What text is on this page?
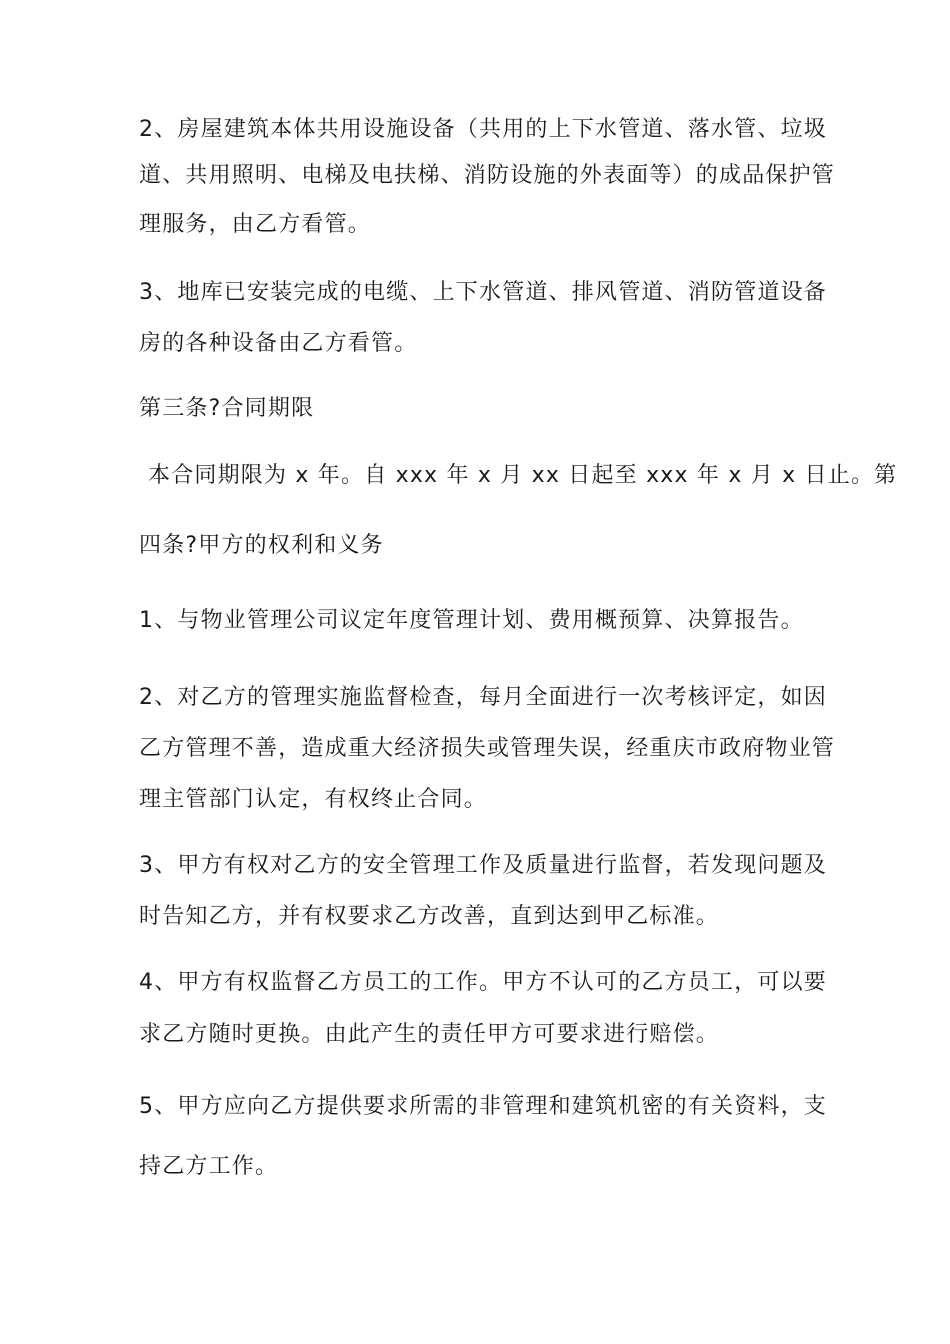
2、房屋建筑本体共用设施设备（共用的上下水管道、落水管、垃圾
道、共用照明、电梯及电扶梯、消防设施的外表面等）的成品保护管
理服务，由乙方看管。
3、地库已安装完成的电缆、上下水管道、排风管道、消防管道设备
房的各种设备由乙方看管。
第三条?合同期限
本合同期限为 x 年。自 xxx 年 x 月 xx 日起至 xxx 年 x 月 x 日止。第
四条?甲方的权利和义务
1、与物业管理公司议定年度管理计划、费用概预算、决算报告。
2、对乙方的管理实施监督检查，每月全面进行一次考核评定，如因
乙方管理不善，造成重大经济损失或管理失误，经重庆市政府物业管
理主管部门认定，有权终止合同。
3、甲方有权对乙方的安全管理工作及质量进行监督，若发现问题及
时告知乙方，并有权要求乙方改善，直到达到甲乙标准。
4、甲方有权监督乙方员工的工作。甲方不认可的乙方员工，可以要
求乙方随时更换。由此产生的责任甲方可要求进行赔偿。
5、甲方应向乙方提供要求所需的非管理和建筑机密的有关资料，支
持乙方工作。
